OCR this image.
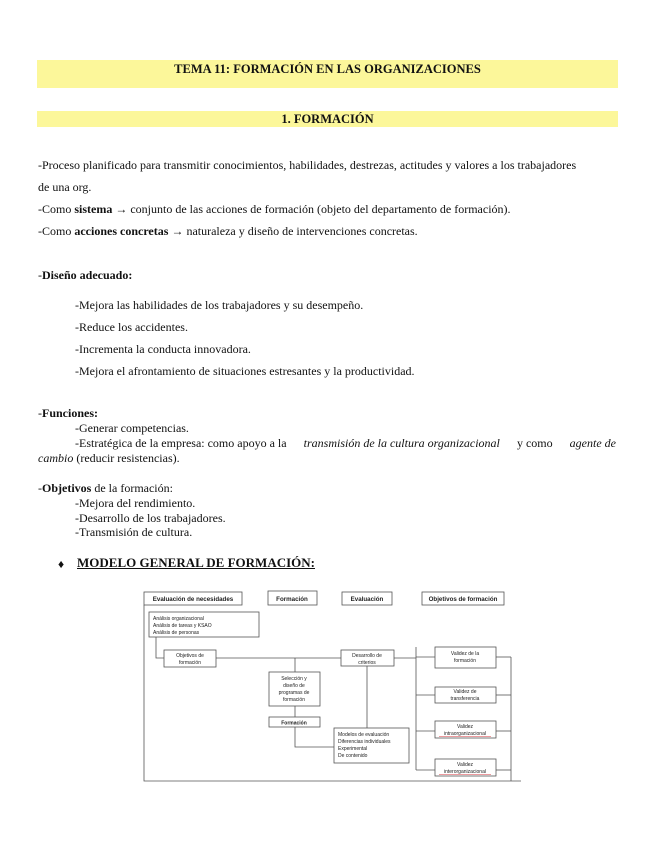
TEMA 11: FORMACIÓN EN LAS ORGANIZACIONES
1. FORMACIÓN
-Proceso planificado para transmitir conocimientos, habilidades, destrezas, actitudes y valores a los trabajadores
de una org.
-Como sistema → conjunto de las acciones de formación (objeto del departamento de formación).
-Como acciones concretas → naturaleza y diseño de intervenciones concretas.
-Diseño adecuado:
-Mejora las habilidades de los trabajadores y su desempeño.
-Reduce los accidentes.
-Incrementa la conducta innovadora.
-Mejora el afrontamiento de situaciones estresantes y la productividad.
-Funciones:
-Generar competencias.
-Estratégica de la empresa: como apoyo a la transmisión de la cultura organizacional y como agente de
cambio (reducir resistencias).
-Objetivos de la formación:
-Mejora del rendimiento.
-Desarrollo de los trabajadores.
-Transmisión de cultura.
♦ MODELO GENERAL DE FORMACIÓN:
Evaluación de necesidades	Formación	Evaluación	Objetivos de formación
Análisis organizacional
Análisis de tareas y KSAO
Análisis de personas
Objetivos de
formación
Desarrollo de
criterios
Selección y
diseño de
programas de
formación
Formación
Validez de la
formación
Validez de
transferencia
Validez
intraorganizacional
Validez
interorganizacional
Modelos de evaluación
Diferencias individuales
Experimental
De contenido
